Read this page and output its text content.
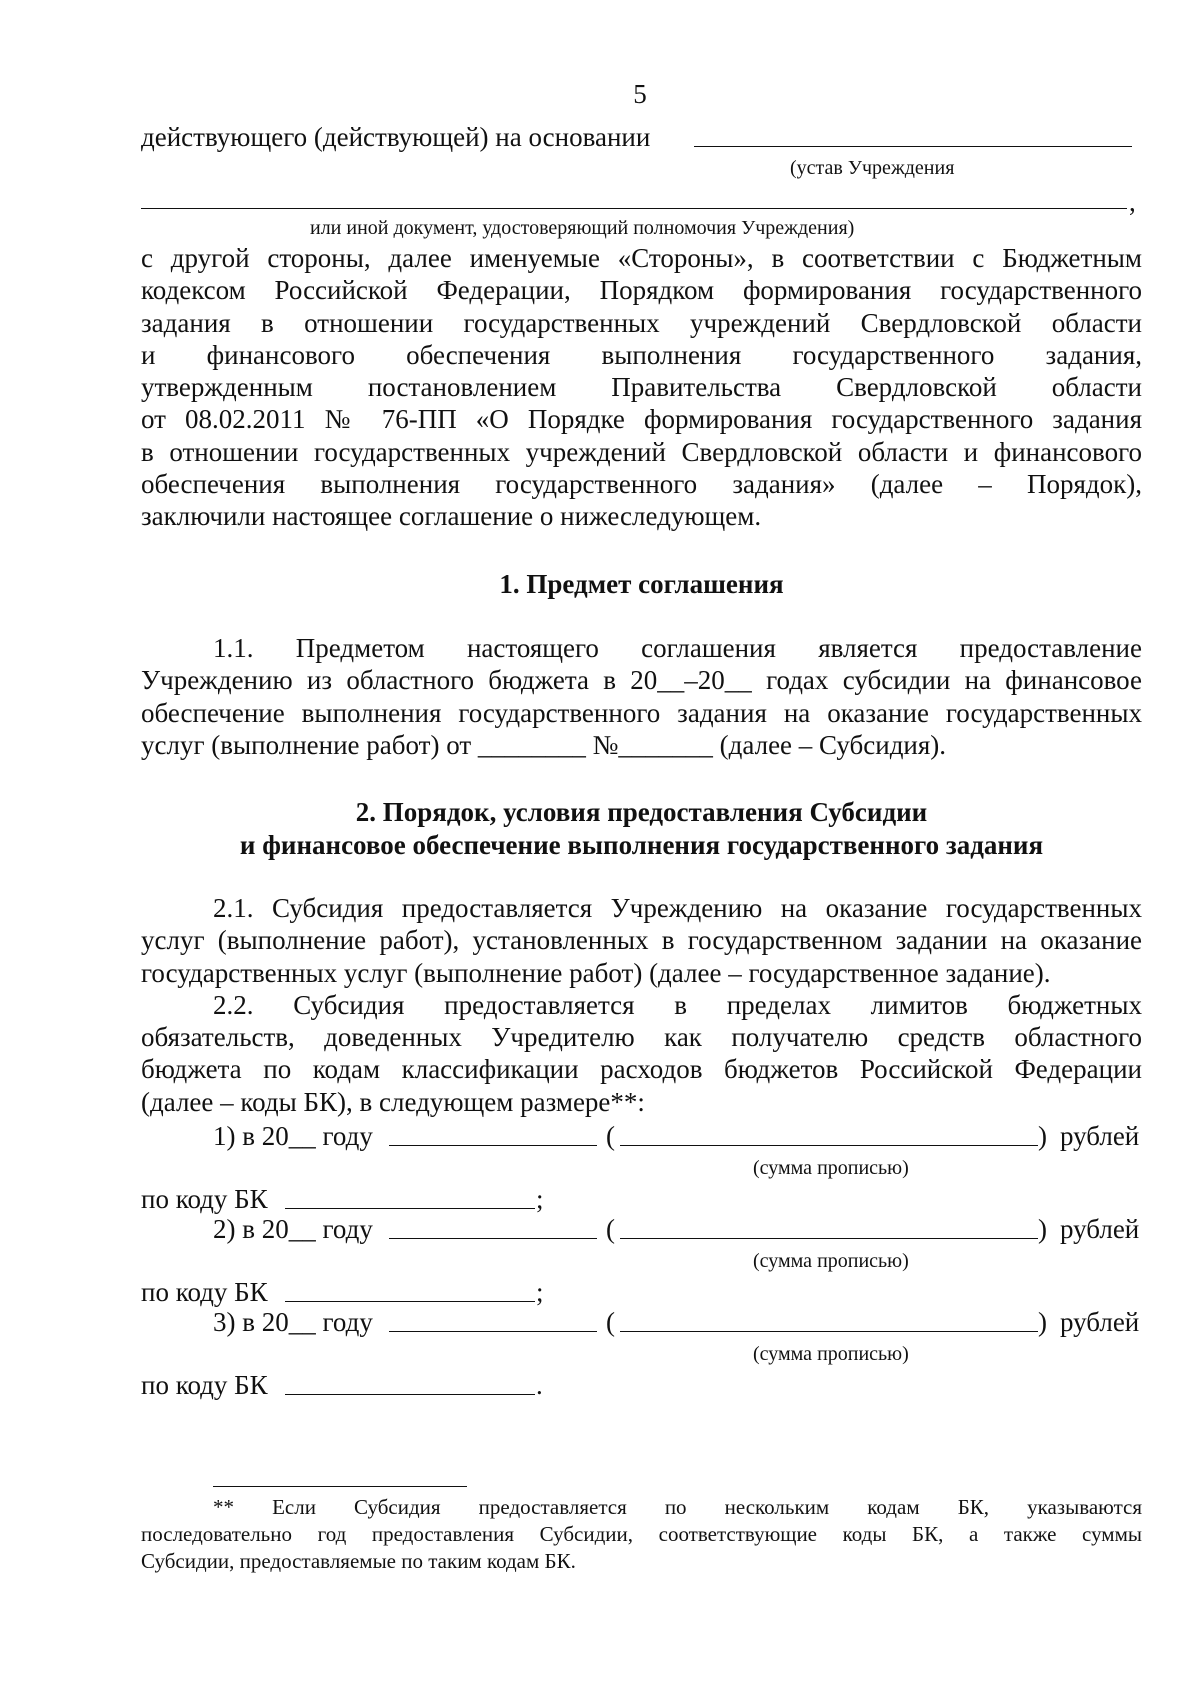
5
действующего (действующей) на основании
(устав Учреждения
,
или иной документ, удостоверяющий полномочия Учреждения)
с другой стороны, далее именуемые «Стороны», в соответствии с Бюджетным
кодексом Российской Федерации, Порядком формирования государственного
задания в отношении государственных учреждений Свердловской области
и финансового обеспечения выполнения государственного задания,
утвержденным постановлением Правительства Свердловской области
от 08.02.2011 № 76-ПП «О Порядке формирования государственного задания
в отношении государственных учреждений Свердловской области и финансового
обеспечения выполнения государственного задания» (далее – Порядок),
заключили настоящее соглашение о нижеследующем.
1. Предмет соглашения
1.1. Предметом настоящего соглашения является предоставление
Учреждению из областного бюджета в 20__–20__ годах субсидии на финансовое
обеспечение выполнения государственного задания на оказание государственных
услуг (выполнение работ) от ________ №_______ (далее – Субсидия).
2. Порядок, условия предоставления Субсидии
и финансовое обеспечение выполнения государственного задания
2.1. Субсидия предоставляется Учреждению на оказание государственных
услуг (выполнение работ), установленных в государственном задании на оказание
государственных услуг (выполнение работ) (далее – государственное задание).
2.2. Субсидия предоставляется в пределах лимитов бюджетных
обязательств, доведенных Учредителю как получателю средств областного
бюджета по кодам классификации расходов бюджетов Российской Федерации
(далее – коды БК), в следующем размере**:
1) в 20__ году	(	) рублей
(сумма прописью)
по коду БК	;
2) в 20__ году	(	) рублей
(сумма прописью)
по коду БК	;
3) в 20__ году	(	) рублей
(сумма прописью)
по коду БК	.
** Если Субсидия предоставляется по нескольким кодам БК, указываются
последовательно год предоставления Субсидии, соответствующие коды БК, а также суммы
Субсидии, предоставляемые по таким кодам БК.
